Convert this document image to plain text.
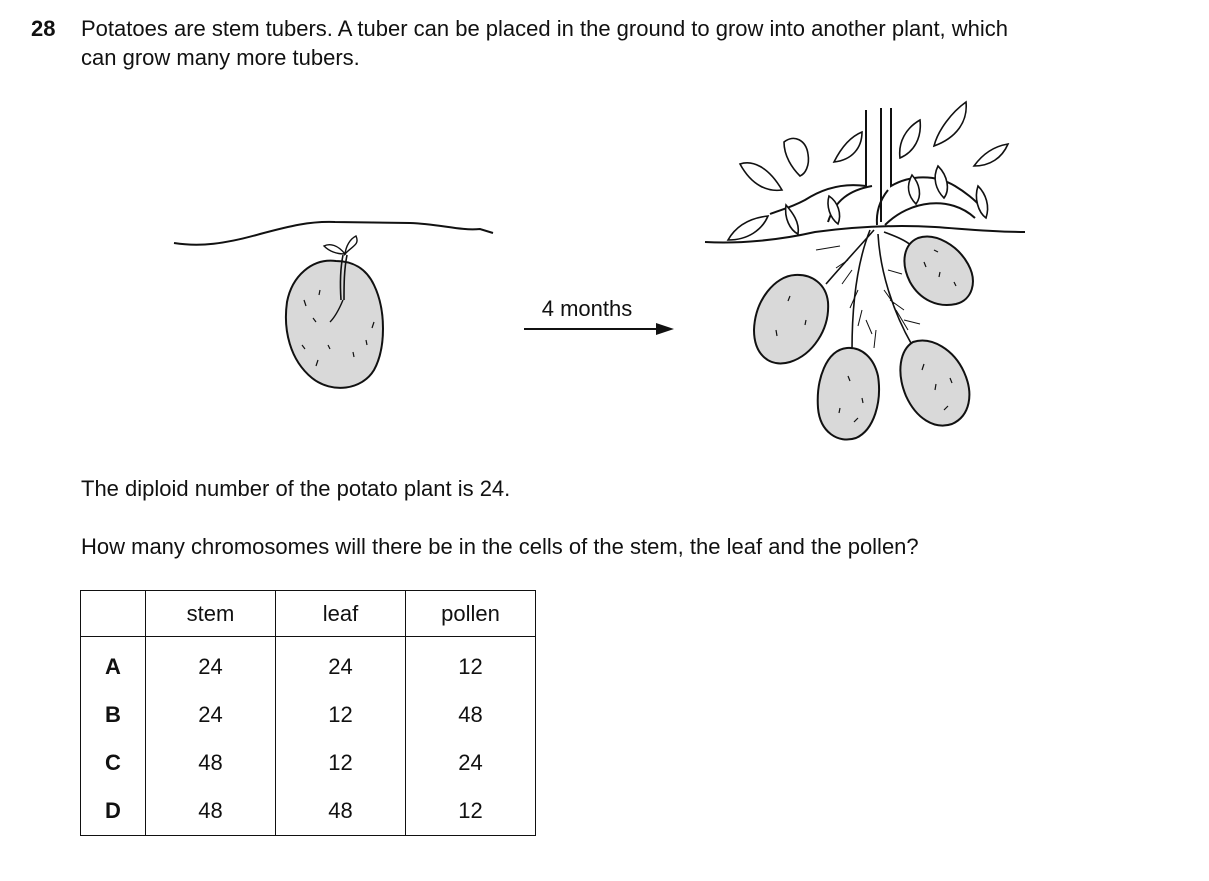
28 Potatoes are stem tubers. A tuber can be placed in the ground to grow into another plant, which
can grow many more tubers.
4 months
The diploid number of the potato plant is 24.
How many chromosomes will there be in the cells of the stem, the leaf and the pollen?
	stem	leaf	pollen
A	24	24	12
B	24	12	48
C	48	12	24
D	48	48	12
